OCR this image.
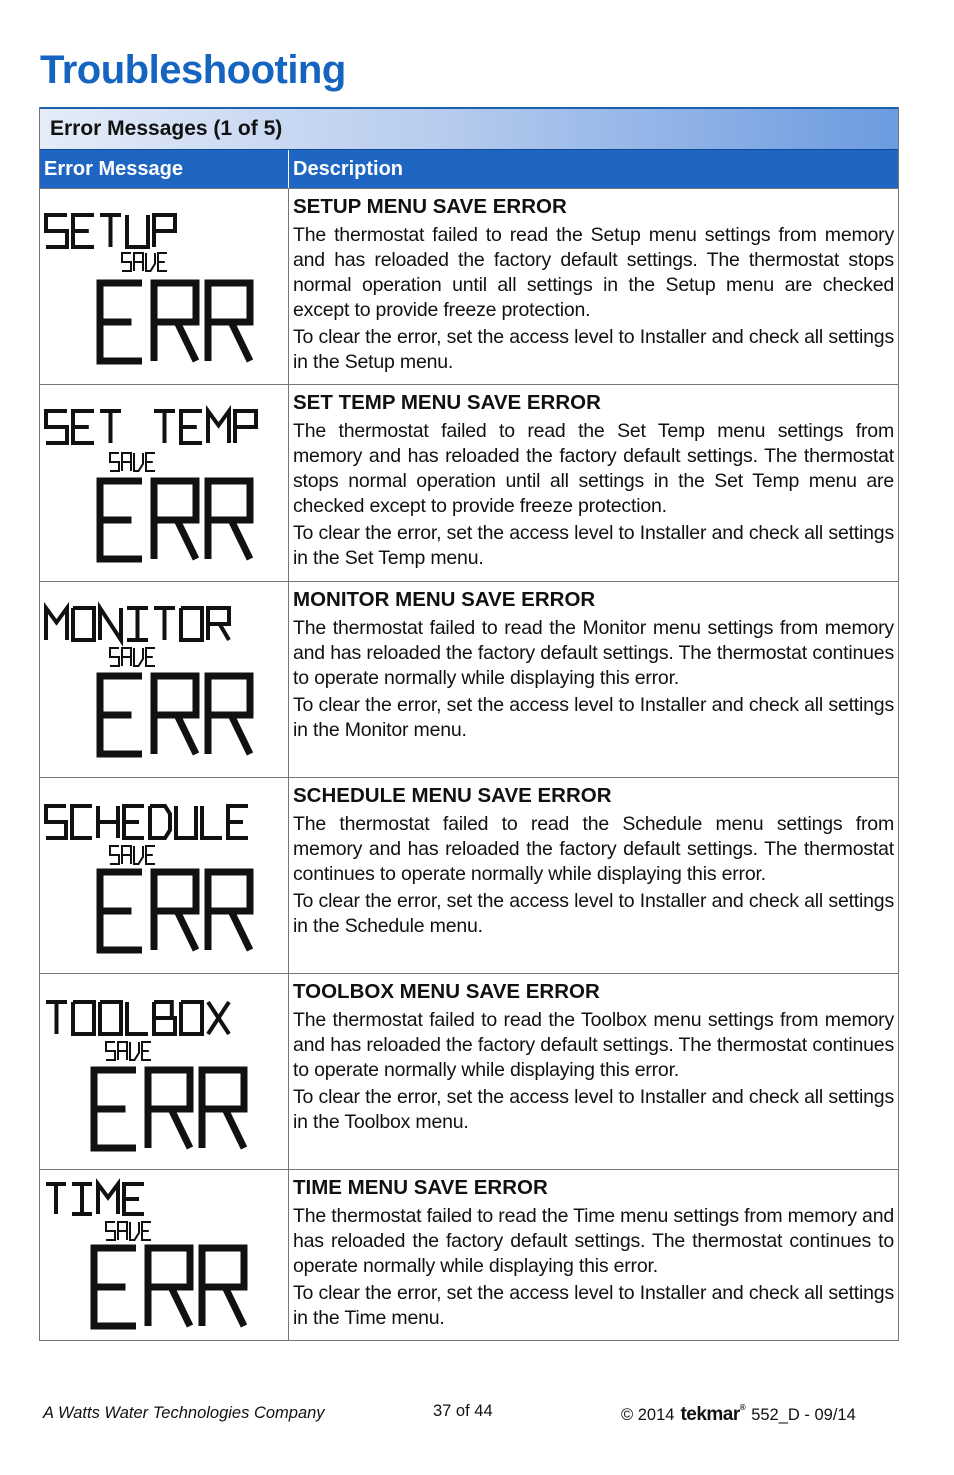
Troubleshooting
Error Messages (1 of 5)
Error Message	Description
SETUP MENU SAVE ERROR

The thermostat failed to read the Setup menu settings from memory and has reloaded the factory default settings. The thermostat stops normal operation until all settings in the Setup menu are checked except to provide freeze protection.

To clear the error, set the access level to Installer and check all settings in the Setup menu.

SET TEMP MENU SAVE ERROR

The thermostat failed to read the Set Temp menu settings from memory and has reloaded the factory default settings. The thermostat stops normal operation until all settings in the Set Temp menu are checked except to provide freeze protection.

To clear the error, set the access level to Installer and check all settings in the Set Temp menu.

MONITOR MENU SAVE ERROR

The thermostat failed to read the Monitor menu settings from memory and has reloaded the factory default settings. The thermostat continues to operate normally while displaying this error.

To clear the error, set the access level to Installer and check all settings in the Monitor menu.

SCHEDULE MENU SAVE ERROR

The thermostat failed to read the Schedule menu settings from memory and has reloaded the factory default settings. The thermostat continues to operate normally while displaying this error.

To clear the error, set the access level to Installer and check all settings in the Schedule menu.

TOOLBOX MENU SAVE ERROR

The thermostat failed to read the Toolbox menu settings from memory and has reloaded the factory default settings. The thermostat continues to operate normally while displaying this error.

To clear the error, set the access level to Installer and check all settings in the Toolbox menu.

TIME MENU SAVE ERROR

The thermostat failed to read the Time menu settings from memory and has reloaded the factory default settings. The thermostat continues to operate normally while displaying this error.

To clear the error, set the access level to Installer and check all settings in the Time menu.

A Watts Water Technologies Company	37 of 44	© 2014 tekmar® 552_D - 09/14
